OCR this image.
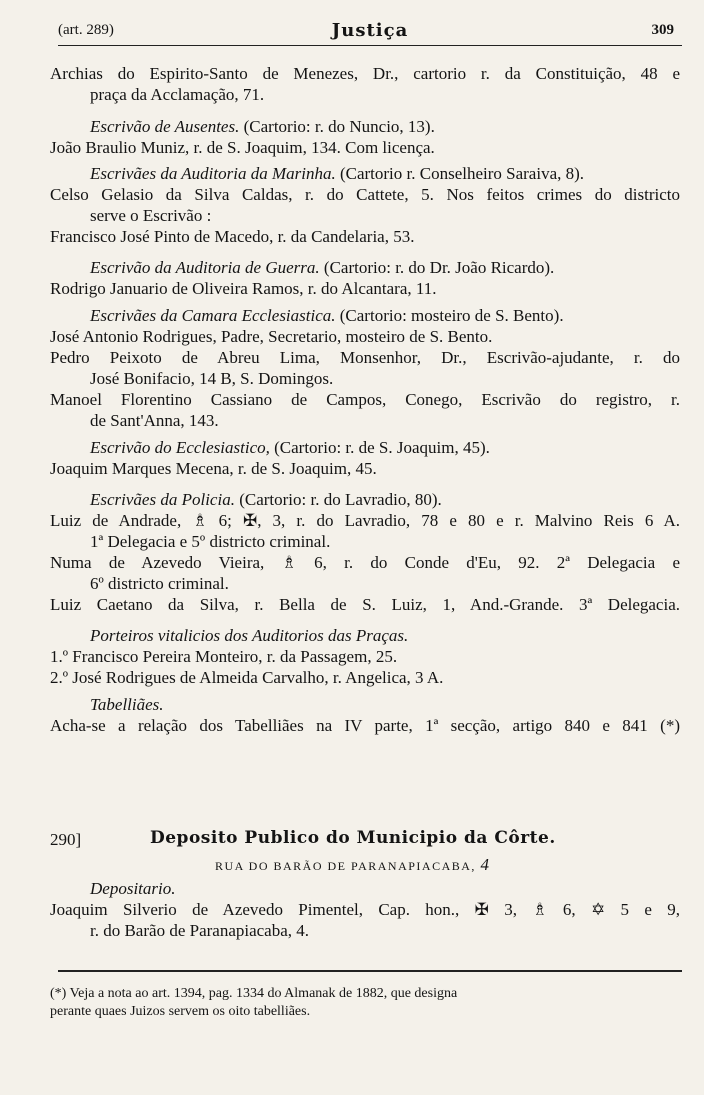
(art. 289)	Justiça	309
Archias do Espirito-Santo de Menezes, Dr., cartorio r. da Constituição, 48 e
praça da Acclamação, 71.
Escrivão de Ausentes. (Cartorio: r. do Nuncio, 13).
João Braulio Muniz, r. de S. Joaquim, 134. Com licença.
Escrivães da Auditoria da Marinha. (Cartorio r. Conselheiro Saraiva, 8).
Celso Gelasio da Silva Caldas, r. do Cattete, 5. Nos feitos crimes do districto
serve o Escrivão :
Francisco José Pinto de Macedo, r. da Candelaria, 53.
Escrivão da Auditoria de Guerra. (Cartorio: r. do Dr. João Ricardo).
Rodrigo Januario de Oliveira Ramos, r. do Alcantara, 11.
Escrivães da Camara Ecclesiastica. (Cartorio: mosteiro de S. Bento).
José Antonio Rodrigues, Padre, Secretario, mosteiro de S. Bento.
Pedro Peixoto de Abreu Lima, Monsenhor, Dr., Escrivão-ajudante, r. do
José Bonifacio, 14 B, S. Domingos.
Manoel Florentino Cassiano de Campos, Conego, Escrivão do registro, r.
de Sant'Anna, 143.
Escrivão do Ecclesiastico, (Cartorio: r. de S. Joaquim, 45).
Joaquim Marques Mecena, r. de S. Joaquim, 45.
Escrivães da Policia. (Cartorio: r. do Lavradio, 80).
Luiz de Andrade, ♗ 6; ✠, 3, r. do Lavradio, 78 e 80 e r. Malvino Reis 6 A.
1ª Delegacia e 5º districto criminal.
Numa de Azevedo Vieira, ♗ 6, r. do Conde d'Eu, 92. 2ª Delegacia e
6º districto criminal.
Luiz Caetano da Silva, r. Bella de S. Luiz, 1, And.-Grande. 3ª Delegacia.
Porteiros vitalicios dos Auditorios das Praças.
1.º Francisco Pereira Monteiro, r. da Passagem, 25.
2.º José Rodrigues de Almeida Carvalho, r. Angelica, 3 A.
Tabelliães.
Acha-se a relação dos Tabelliães na IV parte, 1ª secção, artigo 840 e 841 (*)
290]	Deposito Publico do Municipio da Côrte.
RUA DO BARÃO DE PARANAPIACABA, 4
Depositario.
Joaquim Silverio de Azevedo Pimentel, Cap. hon., ✠ 3, ♗ 6, ✡ 5 e 9,
r. do Barão de Paranapiacaba, 4.
(*) Veja a nota ao art. 1394, pag. 1334 do Almanak de 1882, que designa
perante quaes Juizos servem os oito tabelliães.
